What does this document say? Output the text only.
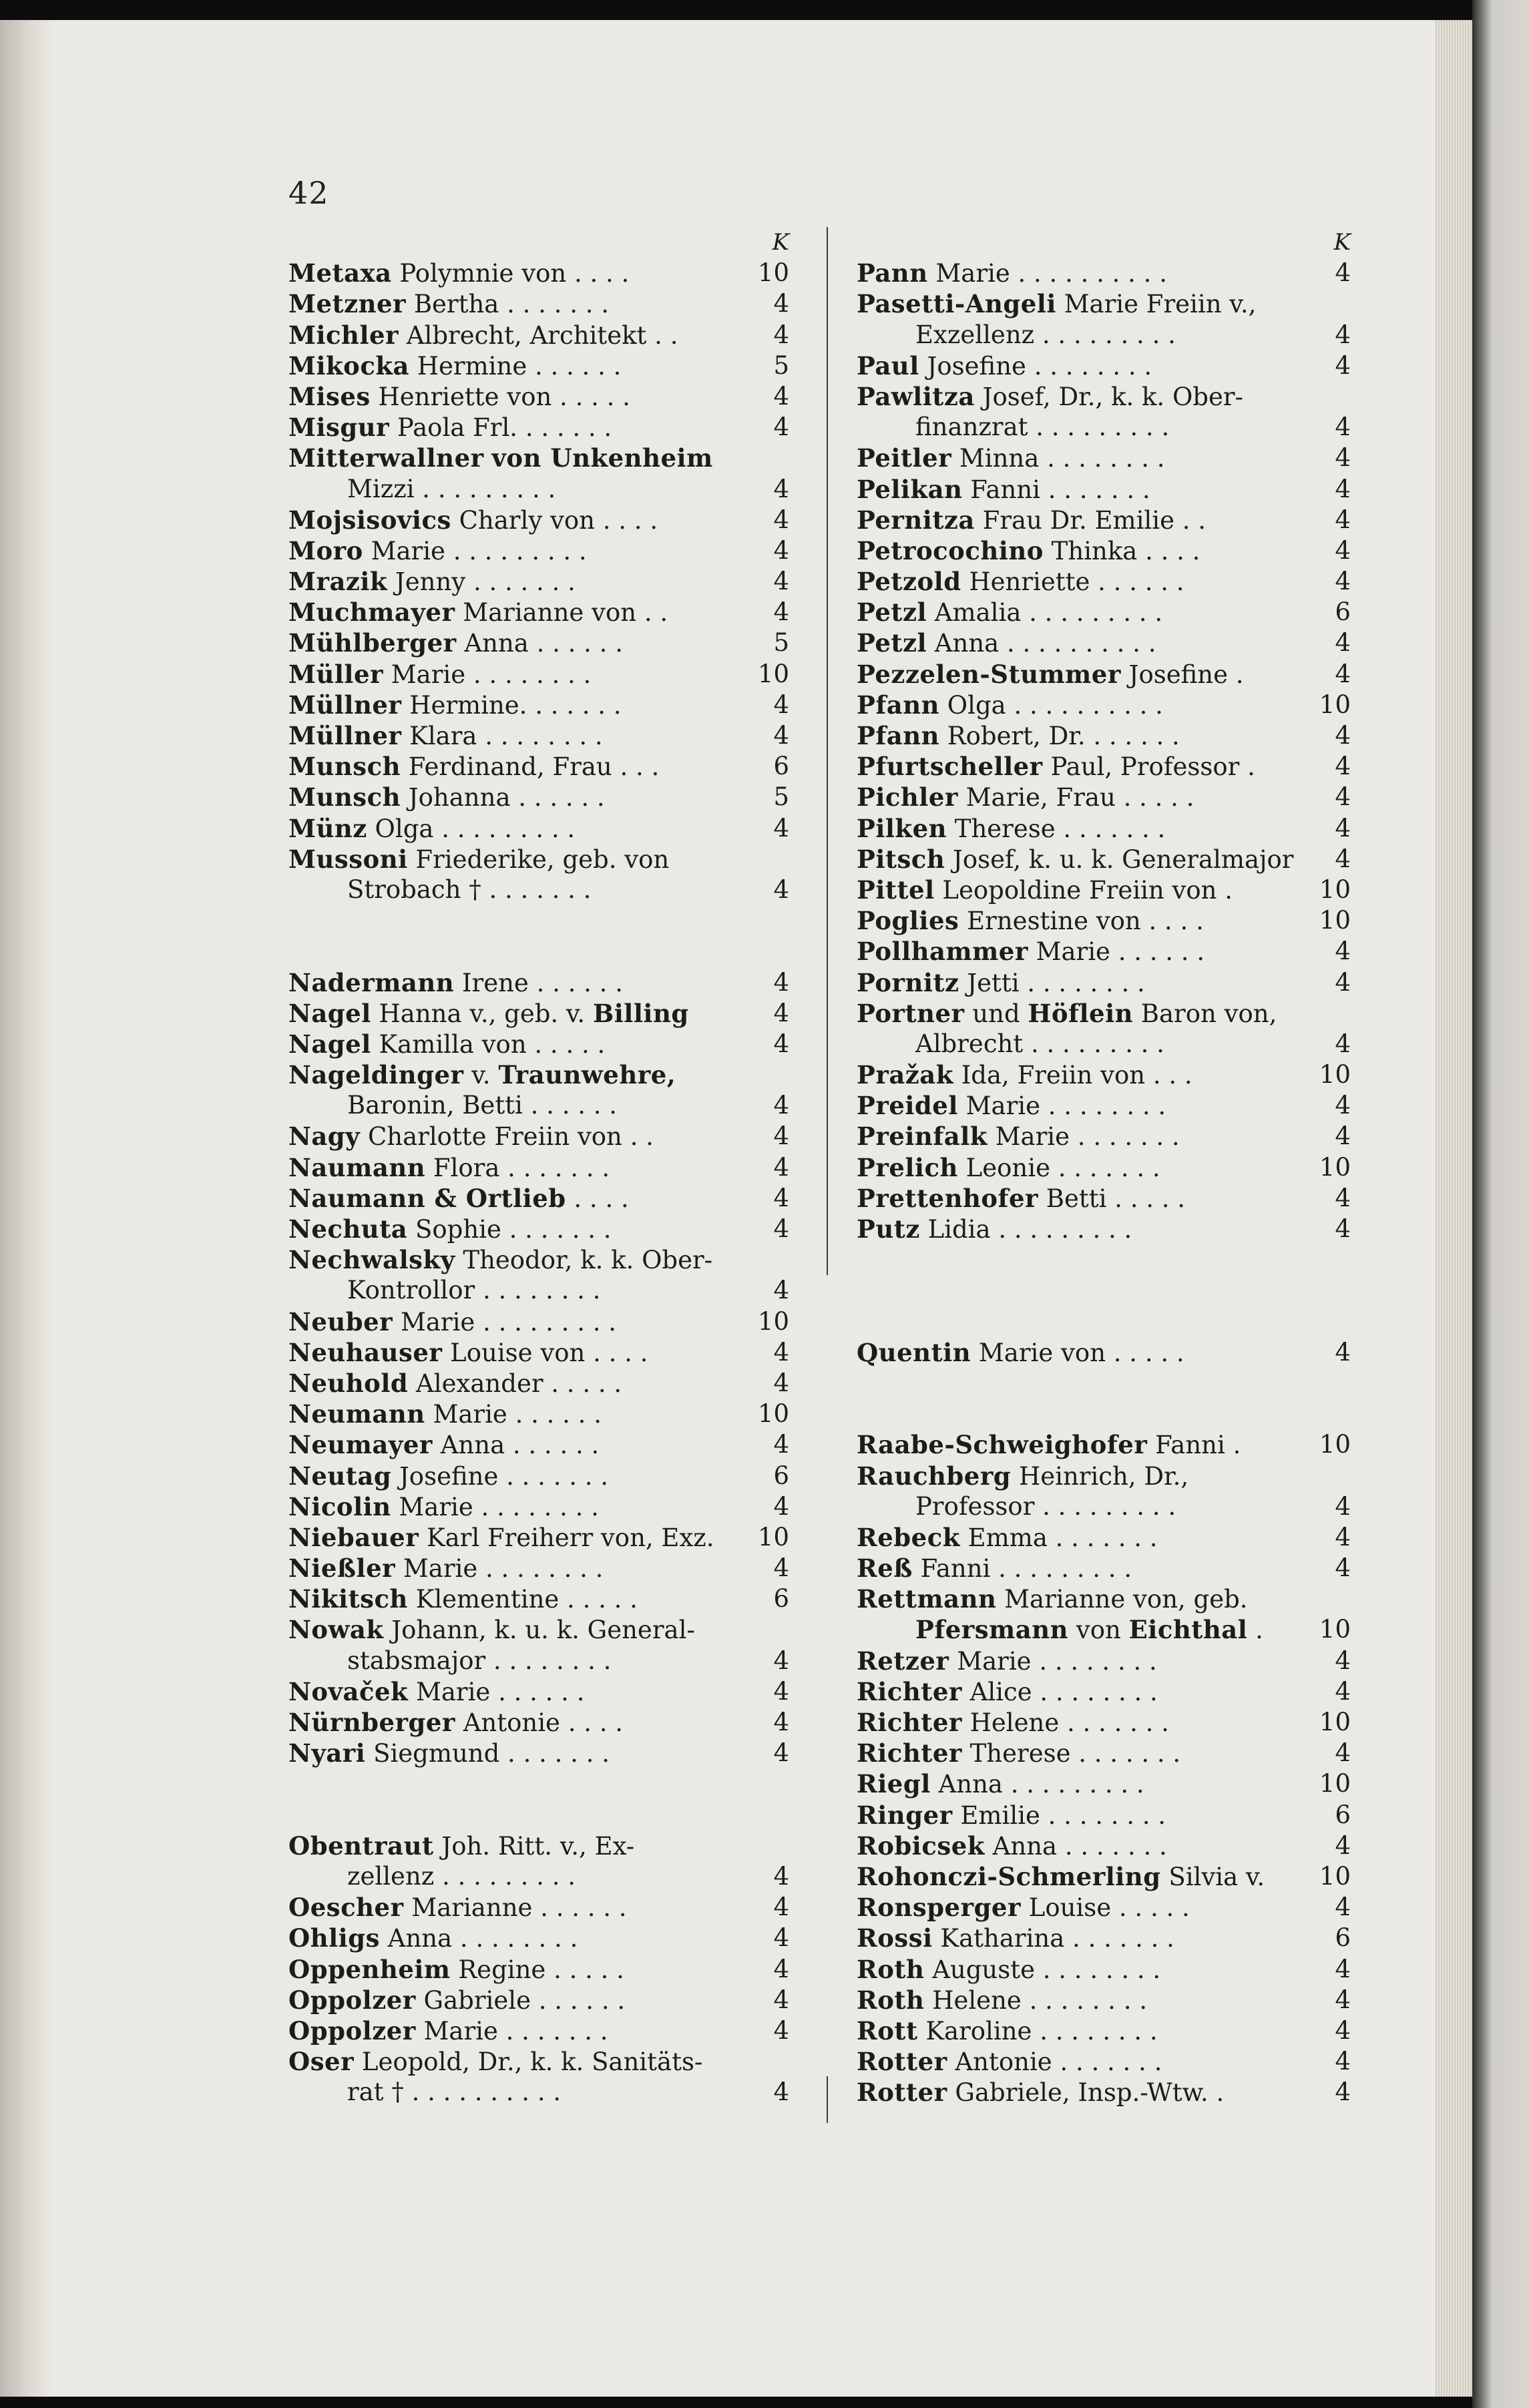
42
K
Metaxa Polymnie von . . . .	10
Metzner Bertha . . . . . . .	4
Michler Albrecht, Architekt . .	4
Mikocka Hermine . . . . . .	5
Mises Henriette von . . . . .	4
Misgur Paola Frl. . . . . . .	4
Mitterwallner von Unkenheim
Mizzi . . . . . . . . .	4
Mojsisovics Charly von . . . .	4
Moro Marie . . . . . . . . .	4
Mrazik Jenny . . . . . . .	4
Muchmayer Marianne von . .	4
Mühlberger Anna . . . . . .	5
Müller Marie . . . . . . . .	10
Müllner Hermine. . . . . . .	4
Müllner Klara . . . . . . . .	4
Munsch Ferdinand, Frau . . .	6
Munsch Johanna . . . . . .	5
Münz Olga . . . . . . . . .	4
Mussoni Friederike, geb. von
Strobach † . . . . . . .	4
Nadermann Irene . . . . . .	4
Nagel Hanna v., geb. v. Billing	4
Nagel Kamilla von . . . . .	4
Nageldinger v. Traunwehre,
Baronin, Betti . . . . . .	4
Nagy Charlotte Freiin von . .	4
Naumann Flora . . . . . . .	4
Naumann & Ortlieb . . . .	4
Nechuta Sophie . . . . . . .	4
Nechwalsky Theodor, k. k. Ober-
Kontrollor . . . . . . . .	4
Neuber Marie . . . . . . . . .	10
Neuhauser Louise von . . . .	4
Neuhold Alexander . . . . .	4
Neumann Marie . . . . . .	10
Neumayer Anna . . . . . .	4
Neutag Josefine . . . . . . .	6
Nicolin Marie . . . . . . . .	4
Niebauer Karl Freiherr von, Exz. 10
Nießler Marie . . . . . . . .	4
Nikitsch Klementine . . . . .	6
Nowak Johann, k. u. k. General-
stabsmajor . . . . . . . .	4
Novaček Marie . . . . . .	4
Nürnberger Antonie . . . .	4
Nyari Siegmund . . . . . . .	4
Obentraut Joh. Ritt. v., Ex-
zellenz . . . . . . . . .	4
Oescher Marianne . . . . . .	4
Ohligs Anna . . . . . . . .	4
Oppenheim Regine . . . . .	4
Oppolzer Gabriele . . . . . .	4
Oppolzer Marie . . . . . . .	4
Oser Leopold, Dr., k. k. Sanitäts-
rat † . . . . . . . . . .	4
K
Pann Marie . . . . . . . . . .	4
Pasetti-Angeli Marie Freiin v.,
Exzellenz . . . . . . . . .	4
Paul Josefine . . . . . . . .	4
Pawlitza Josef, Dr., k. k. Ober-
finanzrat . . . . . . . . .	4
Peitler Minna . . . . . . . .	4
Pelikan Fanni . . . . . . .	4
Pernitza Frau Dr. Emilie . .	4
Petrocochino Thinka . . . .	4
Petzold Henriette . . . . . .	4
Petzl Amalia . . . . . . . . .	6
Petzl Anna . . . . . . . . . .	4
Pezzelen-Stummer Josefine .	4
Pfann Olga . . . . . . . . . .	10
Pfann Robert, Dr. . . . . . .	4
Pfurtscheller Paul, Professor .	4
Pichler Marie, Frau . . . . .	4
Pilken Therese . . . . . . .	4
Pitsch Josef, k. u. k. Generalmajor 4
Pittel Leopoldine Freiin von .	10
Poglies Ernestine von . . . .	10
Pollhammer Marie . . . . . .	4
Pornitz Jetti . . . . . . . .	4
Portner und Höflein Baron von,
Albrecht . . . . . . . . .	4
Pražak Ida, Freiin von . . .	10
Preidel Marie . . . . . . . .	4
Preinfalk Marie . . . . . . .	4
Prelich Leonie . . . . . . .	10
Prettenhofer Betti . . . . .	4
Putz Lidia . . . . . . . . .	4
Quentin Marie von . . . . .	4
Raabe-Schweighofer Fanni .	10
Rauchberg Heinrich, Dr.,
Professor . . . . . . . . .	4
Rebeck Emma . . . . . . .	4
Reß Fanni . . . . . . . . .	4
Rettmann Marianne von, geb.
Pfersmann von Eichthal . 10
Retzer Marie . . . . . . . .	4
Richter Alice . . . . . . . .	4
Richter Helene . . . . . . .	10
Richter Therese . . . . . . .	4
Riegl Anna . . . . . . . . .	10
Ringer Emilie . . . . . . . .	6
Robicsek Anna . . . . . . .	4
Rohonczi-Schmerling Silvia v. 10
Ronsperger Louise . . . . .	4
Rossi Katharina . . . . . . .	6
Roth Auguste . . . . . . . .	4
Roth Helene . . . . . . . .	4
Rott Karoline . . . . . . . .	4
Rotter Antonie . . . . . . .	4
Rotter Gabriele, Insp.-Wtw. .	4
